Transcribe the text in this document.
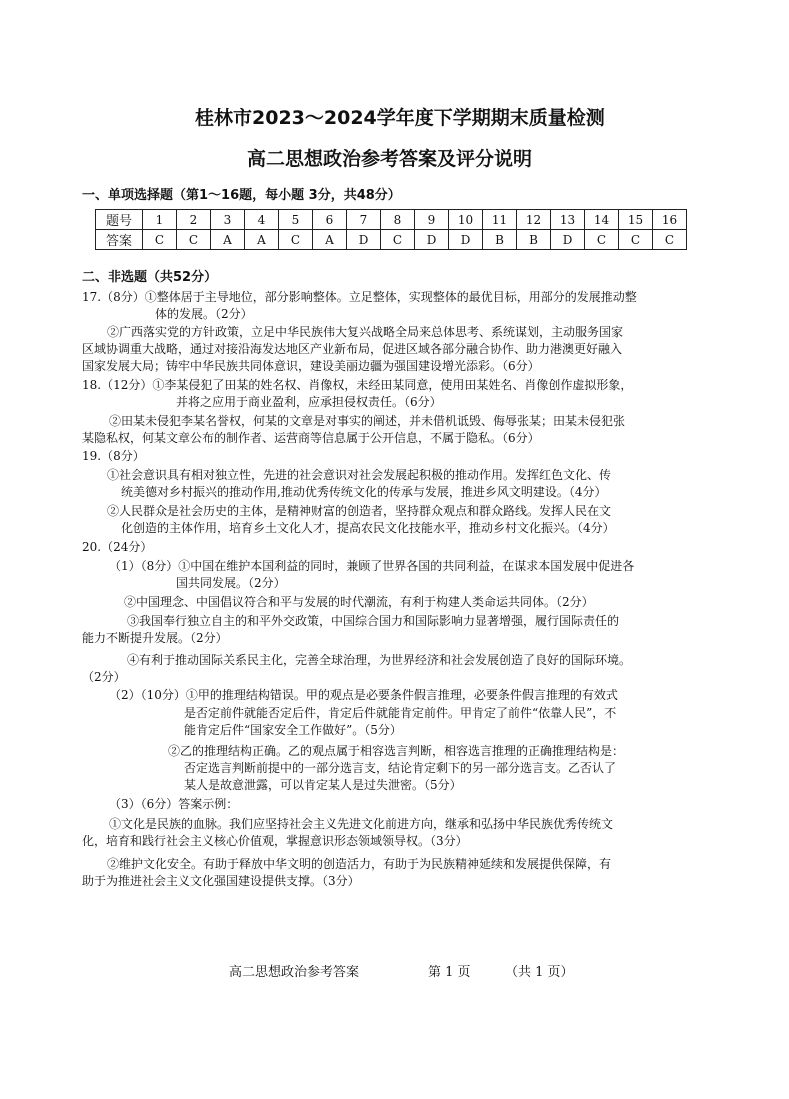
桂林市2023～2024学年度下学期期末质量检测
高二思想政治参考答案及评分说明
一、单项选择题（第1～16题，每小题 3分，共48分）
题号	1	2	3	4	5	6	7	8	9	10	11	12	13	14	15	16
答案	C	C	A	A	C	A	D	C	D	D	B	B	D	C	C	C
二、非选题（共52分）
17.（8分）①整体居于主导地位，部分影响整体。立足整体，实现整体的最优目标，用部分的发展推动整
体的发展。（2分）
②广西落实党的方针政策，立足中华民族伟大复兴战略全局来总体思考、系统谋划，主动服务国家
区域协调重大战略，通过对接沿海发达地区产业新布局，促进区域各部分融合协作、助力港澳更好融入
国家发展大局；铸牢中华民族共同体意识，建设美丽边疆为强国建设增光添彩。（6分）
18.（12分）①李某侵犯了田某的姓名权、肖像权，未经田某同意，使用田某姓名、肖像创作虚拟形象，
并将之应用于商业盈利，应承担侵权责任。（6分）
②田某未侵犯李某名誉权，何某的文章是对事实的阐述，并未借机诋毁、侮辱张某；田某未侵犯张
某隐私权，何某文章公布的制作者、运营商等信息属于公开信息，不属于隐私。（6分）
19.（8分）
①社会意识具有相对独立性，先进的社会意识对社会发展起积极的推动作用。发挥红色文化、传
统美德对乡村振兴的推动作用,推动优秀传统文化的传承与发展，推进乡风文明建设。（4分）
②人民群众是社会历史的主体，是精神财富的创造者，坚持群众观点和群众路线。发挥人民在文
化创造的主体作用，培育乡土文化人才，提高农民文化技能水平，推动乡村文化振兴。（4分）
20.（24分）
（1）（8分）①中国在维护本国利益的同时，兼顾了世界各国的共同利益，在谋求本国发展中促进各
国共同发展。（2分）
②中国理念、中国倡议符合和平与发展的时代潮流，有利于构建人类命运共同体。（2分）
③我国奉行独立自主的和平外交政策，中国综合国力和国际影响力显著增强，履行国际责任的
能力不断提升发展。（2分）
④有利于推动国际关系民主化，完善全球治理，为世界经济和社会发展创造了良好的国际环境。
（2分）
（2）（10分）①甲的推理结构错误。甲的观点是必要条件假言推理，必要条件假言推理的有效式
是否定前件就能否定后件，肯定后件就能肯定前件。甲肯定了前件“依靠人民”，不
能肯定后件“国家安全工作做好”。（5分）
②乙的推理结构正确。乙的观点属于相容选言判断，相容选言推理的正确推理结构是：
否定选言判断前提中的一部分选言支，结论肯定剩下的另一部分选言支。乙否认了
某人是故意泄露，可以肯定某人是过失泄密。（5分）
（3）（6分）答案示例：
①文化是民族的血脉。我们应坚持社会主义先进文化前进方向，继承和弘扬中华民族优秀传统文
化，培育和践行社会主义核心价值观，掌握意识形态领域领导权。（3分）
②维护文化安全。有助于释放中华文明的创造活力，有助于为民族精神延续和发展提供保障，有
助于为推进社会主义文化强国建设提供支撑。（3分）
高二思想政治参考答案	第 1 页	（共 1 页）
